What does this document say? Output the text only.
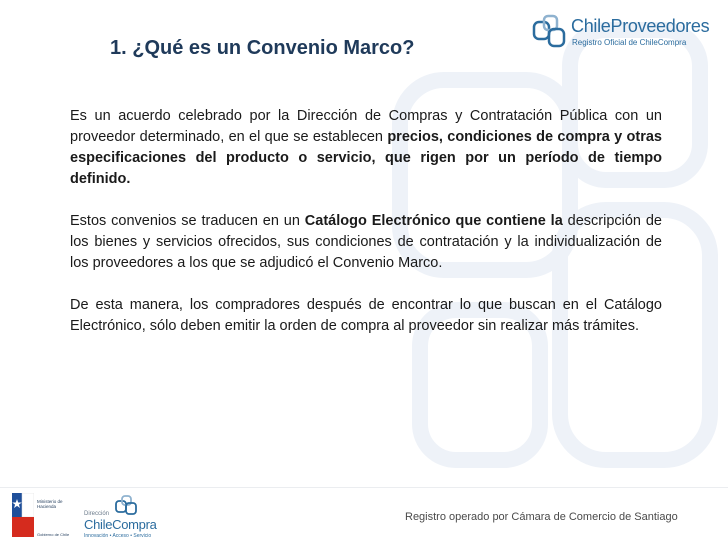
1. ¿Qué es un Convenio Marco?
ChileProveedores
Registro Oficial de ChileCompra

Es un acuerdo celebrado por la Dirección de Compras y Contratación Pública con un proveedor determinado, en el que se establecen precios, condiciones de compra y otras especificaciones del producto o servicio, que rigen por un período de tiempo definido.

Estos convenios se traducen en un Catálogo Electrónico que contiene la descripción de los bienes y servicios ofrecidos, sus condiciones de contratación y la individualización de los proveedores a los que se adjudicó el Convenio Marco.

De esta manera, los compradores después de encontrar lo que buscan en el Catálogo Electrónico, sólo deben emitir la orden de compra al proveedor sin realizar más trámites.

Ministerio de Hacienda
Gobierno de Chile
Dirección
ChileCompra
Innovación • Acceso • Servicio
Registro operado por Cámara de Comercio de Santiago
